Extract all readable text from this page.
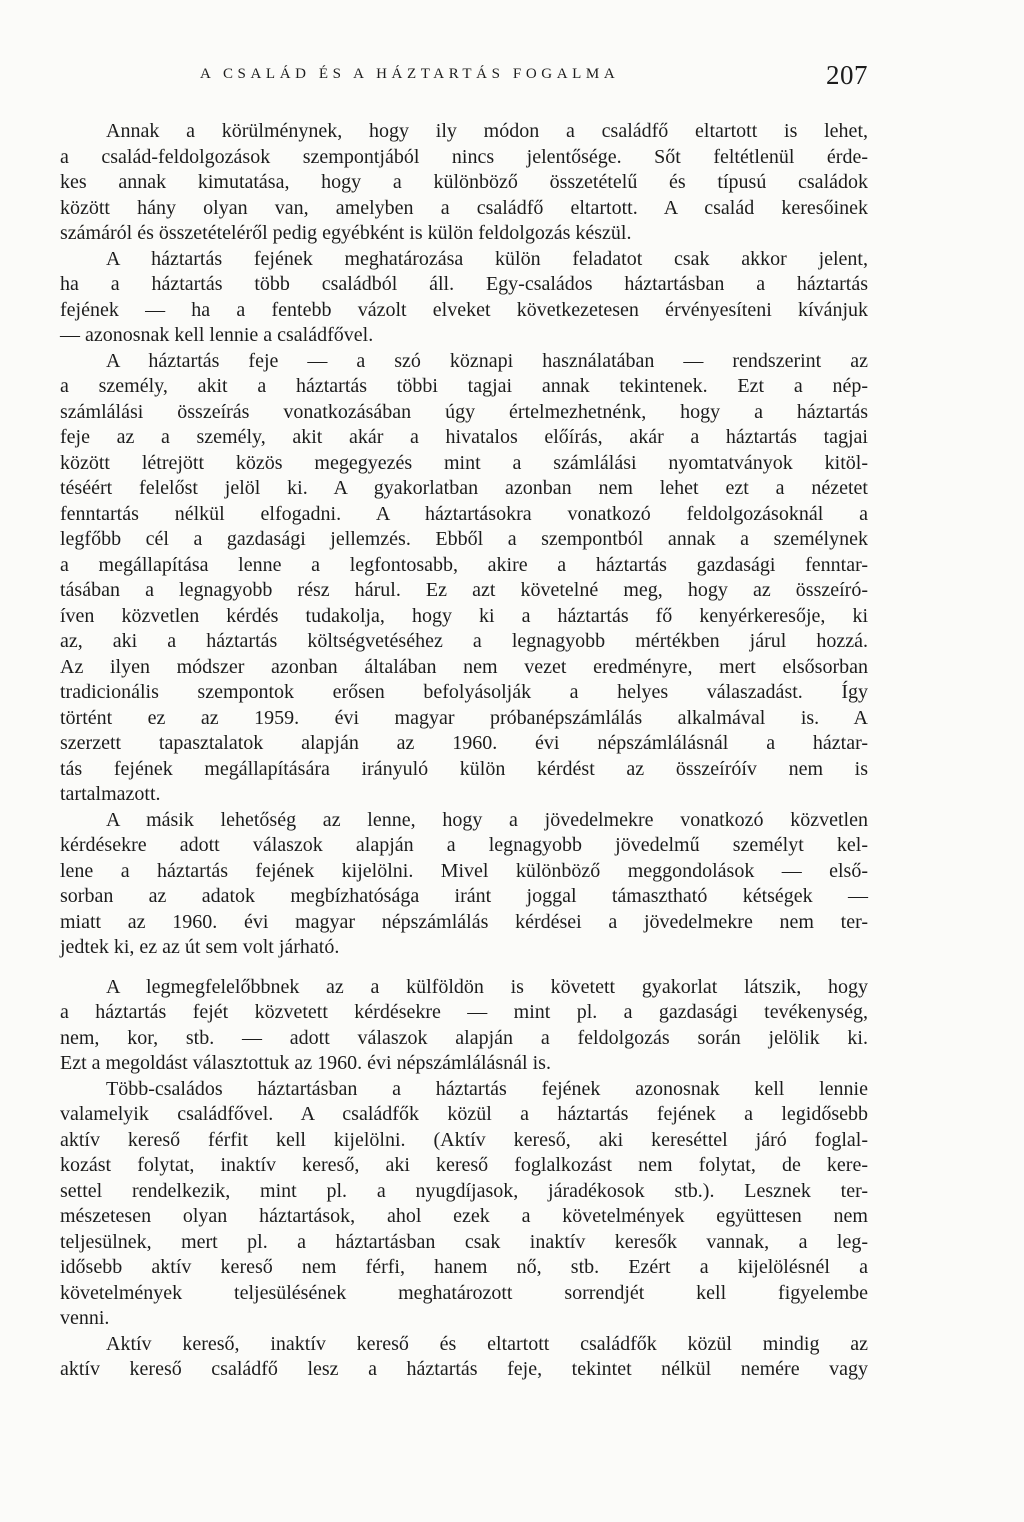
A CSALÁD ÉS A HÁZTARTÁS FOGALMA	207
Annak a körülménynek, hogy ily módon a családfő eltartott is lehet,
a család-feldolgozások szempontjából nincs jelentősége. Sőt feltétlenül érde-
kes annak kimutatása, hogy a különböző összetételű és típusú családok
között hány olyan van, amelyben a családfő eltartott. A család keresőinek
számáról és összetételéről pedig egyébként is külön feldolgozás készül.
A háztartás fejének meghatározása külön feladatot csak akkor jelent,
ha a háztartás több családból áll. Egy-családos háztartásban a háztartás
fejének — ha a fentebb vázolt elveket következetesen érvényesíteni kívánjuk
— azonosnak kell lennie a családfővel.
A háztartás feje — a szó köznapi használatában — rendszerint az
a személy, akit a háztartás többi tagjai annak tekintenek. Ezt a nép-
számlálási összeírás vonatkozásában úgy értelmezhetnénk, hogy a háztartás
feje az a személy, akit akár a hivatalos előírás, akár a háztartás tagjai
között létrejött közös megegyezés mint a számlálási nyomtatványok kitöl-
téséért felelőst jelöl ki. A gyakorlatban azonban nem lehet ezt a nézetet
fenntartás nélkül elfogadni. A háztartásokra vonatkozó feldolgozásoknál a
legfőbb cél a gazdasági jellemzés. Ebből a szempontból annak a személynek
a megállapítása lenne a legfontosabb, akire a háztartás gazdasági fenntar-
tásában a legnagyobb rész hárul. Ez azt követelné meg, hogy az összeíró-
íven közvetlen kérdés tudakolja, hogy ki a háztartás fő kenyérkeresője, ki
az, aki a háztartás költségvetéséhez a legnagyobb mértékben járul hozzá.
Az ilyen módszer azonban általában nem vezet eredményre, mert elsősorban
tradicionális szempontok erősen befolyásolják a helyes válaszadást. Így
történt ez az 1959. évi magyar próbanépszámlálás alkalmával is. A
szerzett tapasztalatok alapján az 1960. évi népszámlálásnál a háztar-
tás fejének megállapítására irányuló külön kérdést az összeíróív nem is
tartalmazott.
A másik lehetőség az lenne, hogy a jövedelmekre vonatkozó közvetlen
kérdésekre adott válaszok alapján a legnagyobb jövedelmű személyt kel-
lene a háztartás fejének kijelölni. Mivel különböző meggondolások — első-
sorban az adatok megbízhatósága iránt joggal támasztható kétségek —
miatt az 1960. évi magyar népszámlálás kérdései a jövedelmekre nem ter-
jedtek ki, ez az út sem volt járható.
A legmegfelelőbbnek az a külföldön is követett gyakorlat látszik, hogy
a háztartás fejét közvetett kérdésekre — mint pl. a gazdasági tevékenység,
nem, kor, stb. — adott válaszok alapján a feldolgozás során jelölik ki.
Ezt a megoldást választottuk az 1960. évi népszámlálásnál is.
Több-családos háztartásban a háztartás fejének azonosnak kell lennie
valamelyik családfővel. A családfők közül a háztartás fejének a legidősebb
aktív kereső férfit kell kijelölni. (Aktív kereső, aki kereséttel járó foglal-
kozást folytat, inaktív kereső, aki kereső foglalkozást nem folytat, de kere-
settel rendelkezik, mint pl. a nyugdíjasok, járadékosok stb.). Lesznek ter-
mészetesen olyan háztartások, ahol ezek a követelmények együttesen nem
teljesülnek, mert pl. a háztartásban csak inaktív keresők vannak, a leg-
idősebb aktív kereső nem férfi, hanem nő, stb. Ezért a kijelölésnél a
követelmények teljesülésének meghatározott sorrendjét kell figyelembe
venni.
Aktív kereső, inaktív kereső és eltartott családfők közül mindig az
aktív kereső családfő lesz a háztartás feje, tekintet nélkül nemére vagy
